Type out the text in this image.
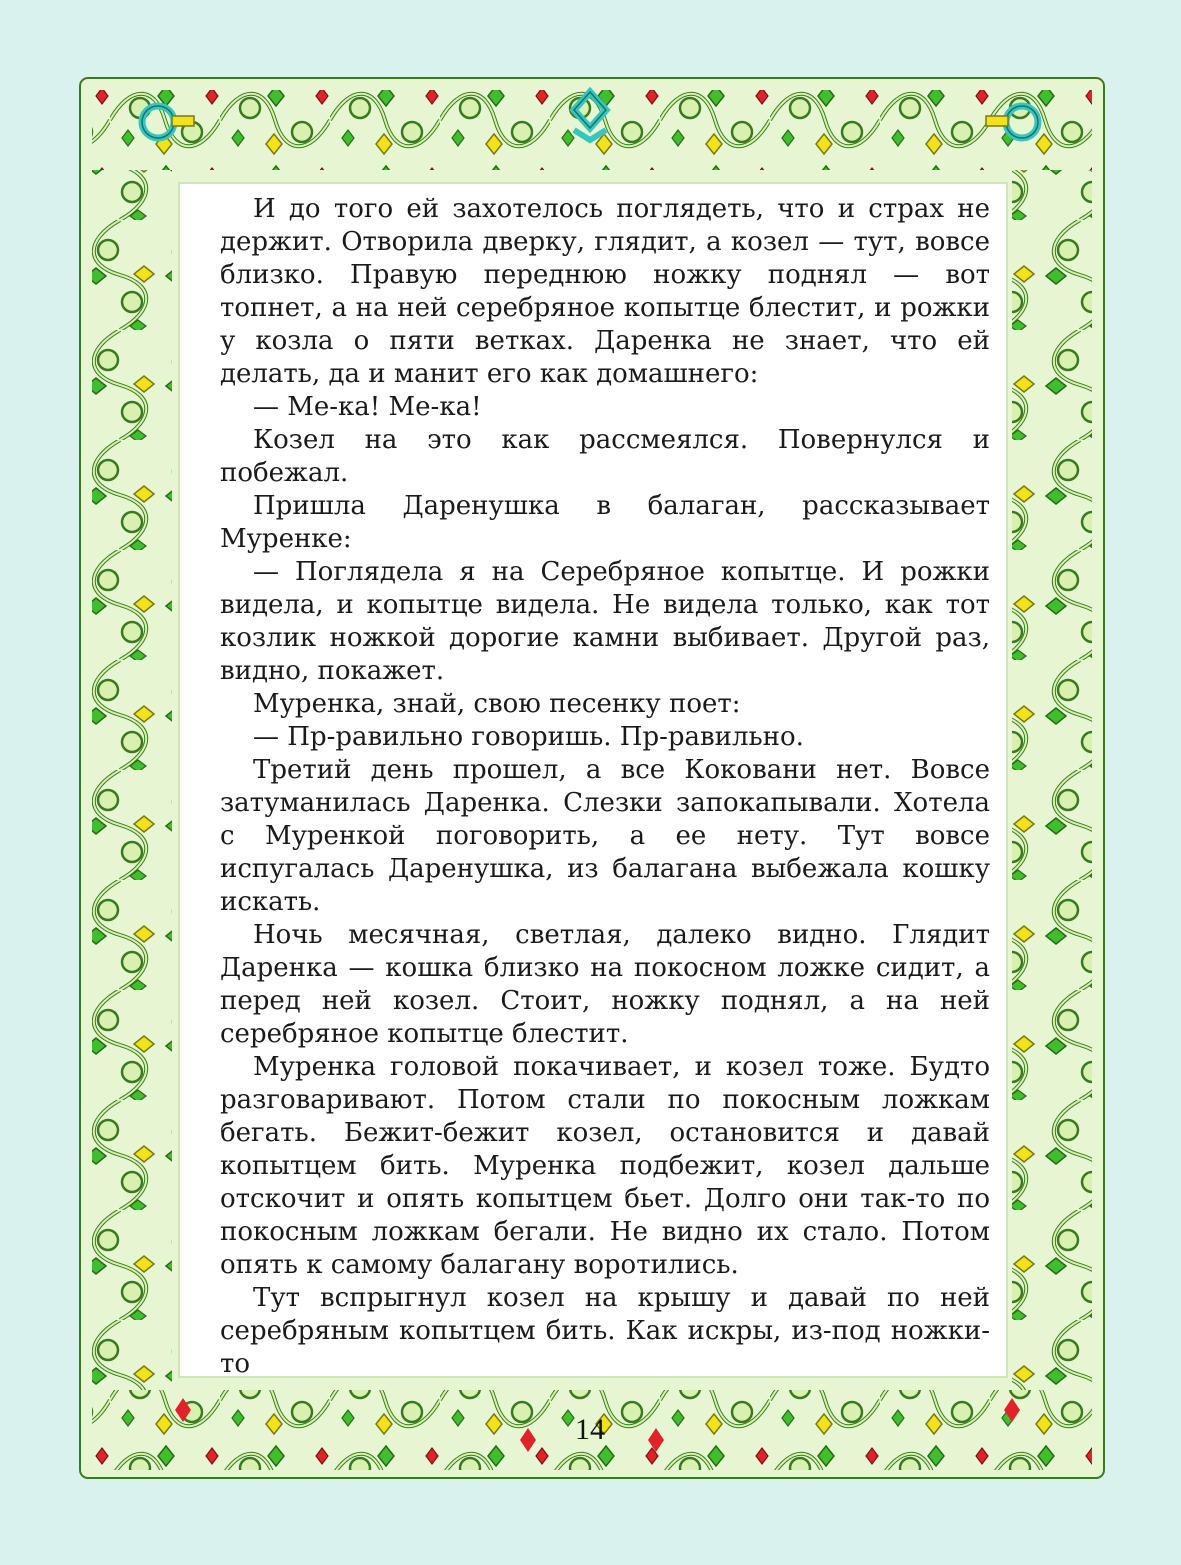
И до того ей захотелось поглядеть, что и страх не держит. Отворила дверку, глядит, а козел — тут, вовсе близко. Правую переднюю ножку поднял — вот топнет, а на ней серебряное копытце блестит, и рожки у козла о пяти ветках. Даренка не знает, что ей делать, да и манит его как домашнего:

— Ме-ка! Ме-ка!

Козел на это как рассмеялся. Повернулся и побежал.

Пришла Даренушка в балаган, рассказывает Муренке:

— Поглядела я на Серебряное копытце. И рожки видела, и копытце видела. Не видела только, как тот козлик ножкой дорогие камни выбивает. Другой раз, видно, покажет.

Муренка, знай, свою песенку поет:

— Пр-равильно говоришь. Пр-равильно.

Третий день прошел, а все Коковани нет. Вовсе затуманилась Даренка. Слезки запокапывали. Хотела с Муренкой поговорить, а ее нету. Тут вовсе испугалась Даренушка, из балагана выбежала кошку искать.

Ночь месячная, светлая, далеко видно. Глядит Даренка — кошка близко на покосном ложке сидит, а перед ней козел. Стоит, ножку поднял, а на ней серебряное копытце блестит.

Муренка головой покачивает, и козел тоже. Будто разговаривают. Потом стали по покосным ложкам бегать. Бежит-бежит козел, остановится и давай копытцем бить. Муренка подбежит, козел дальше отскочит и опять копытцем бьет. Долго они так-то по покосным ложкам бегали. Не видно их стало. Потом опять к самому балагану воротились.

Тут вспрыгнул козел на крышу и давай по ней серебряным копытцем бить. Как искры, из-под ножки-то

14
